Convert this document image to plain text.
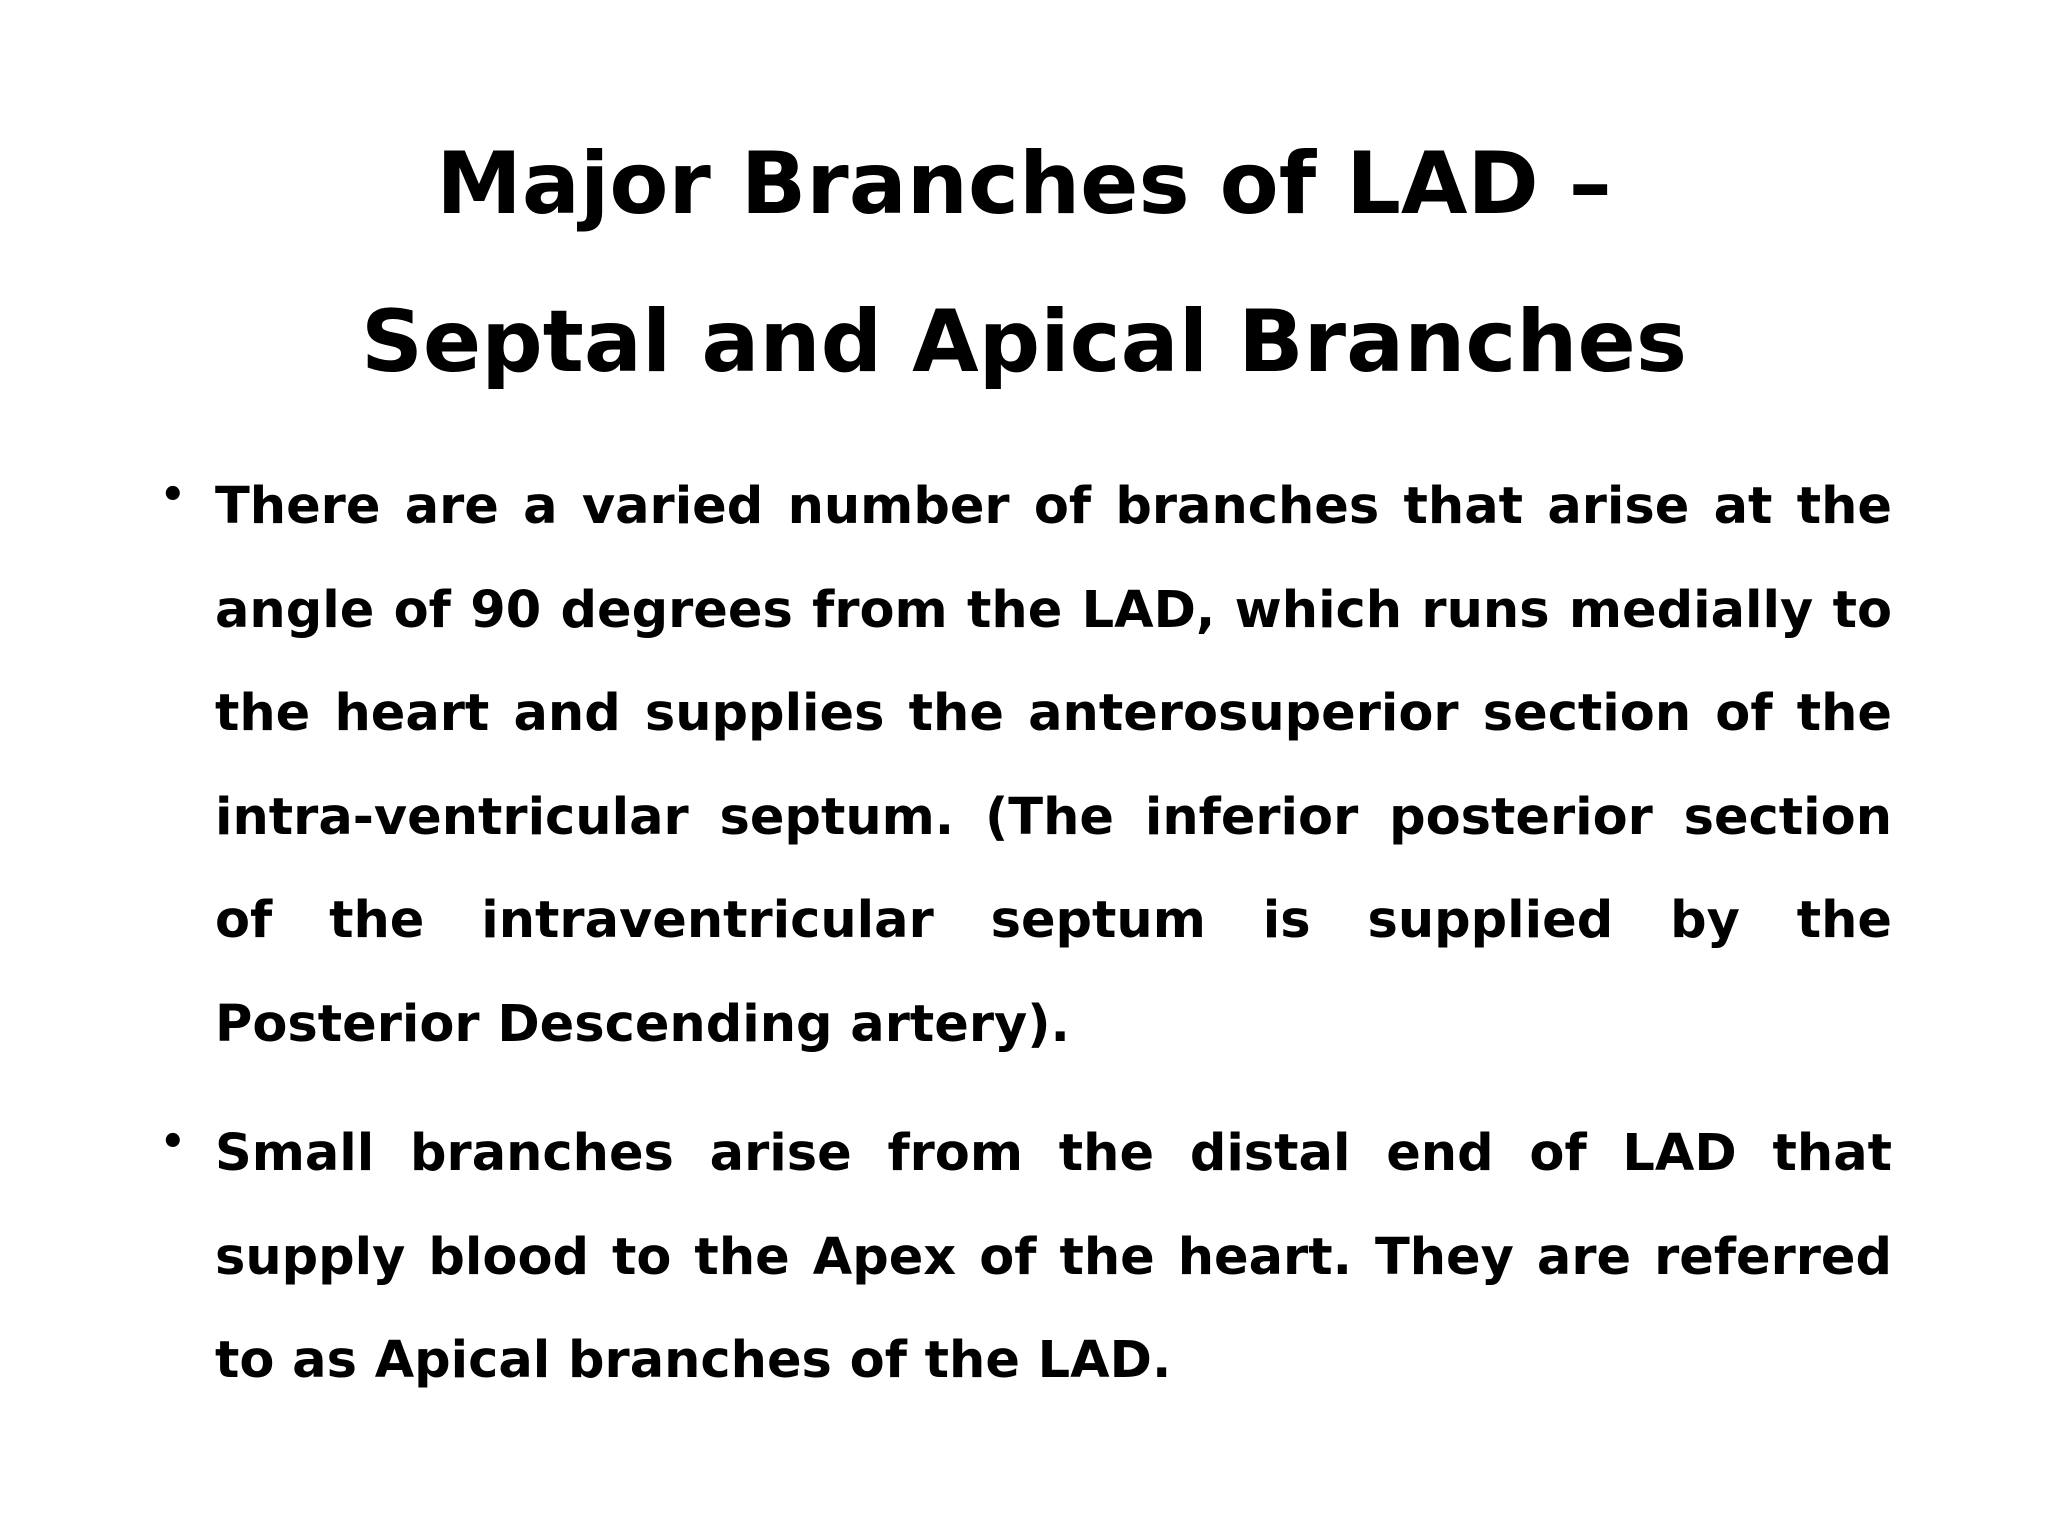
Major Branches of LAD –
Septal and Apical Branches
• There are a varied number of branches that arise at the angle of 90 degrees from the LAD, which runs medially to the heart and supplies the anterosuperior section of the intra-ventricular septum. (The inferior posterior section of the intraventricular septum is supplied by the Posterior Descending artery).
• Small branches arise from the distal end of LAD that supply blood to the Apex of the heart. They are referred to as Apical branches of the LAD.
